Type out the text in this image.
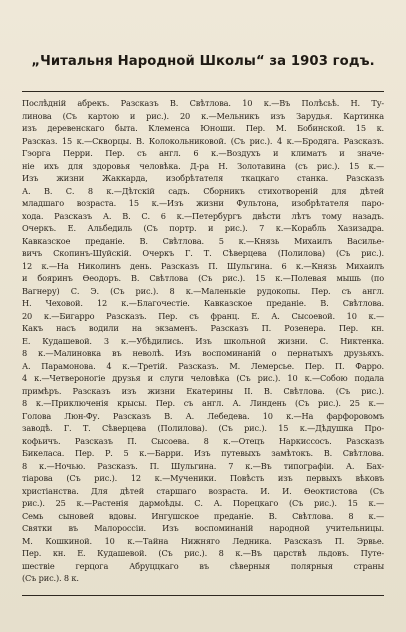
„Читальня Народной Школы“ за 1903 годъ.
Послѣдній абрекъ. Разсказъ В. Свѣтлова. 10 к.—Въ Полѣсьѣ. Н. Ту-
линова (Съ картою и рис.). 20 к.—Мельникъ изъ Зарудья. Картинка
изъ деревенскаго быта. Клеменса Юноши. Пер. М. Бобинской. 15 к.
Разсказ. 15 к.—Скворцы. В. Колокольниковой. (Съ рис.). 4 к.—Бродяга. Разсказъ.
Гэорга Перри. Пер. съ англ. 6 к.—Воздухъ и климатъ и значе-
ніе ихъ для здоровья человѣка. Д-ра Н. Золотавина (съ рис.). 15 к.—
Изъ жизни Жаккарда, изобрѣтателя ткацкаго станка. Разсказъ
А. В. С. 8 к.—Дѣтскій садъ. Сборникъ стихотвореній для дѣтей
младшаго возраста. 15 к.—Изъ жизни Фультона, изобрѣтателя паро-
хода. Разсказъ А. В. С. 6 к.—Петербургъ двѣсти лѣтъ тому назадъ.
Очеркъ. Е. Альбедиль (Съ портр. и рис.). 7 к.—Корабль Хазизадра.
Кавказское преданіе. В. Свѣтлова. 5 к.—Князь Михаилъ Василье-
вичъ Скопинъ-Шуйскій. Очеркъ Г. Т. Сѣверцева (Полилова) (Съ рис.).
12 к.—На Николинъ день. Разсказъ П. Шульгина. 6 к.—Князь Михаилъ
и бояринъ Ѳеодоръ. В. Свѣтлова (Съ рис.). 15 к.—Полевая мышь (по
Вагнеру) С. Э. (Съ рис.). 8 к.—Маленькіе рудокопы. Пер. съ англ.
Н. Чеховой. 12 к.—Благочестіе. Кавказское преданіе. В. Свѣтлова.
20 к.—Бигарро Разсказъ. Пер. съ франц. Е. А. Сысоевой. 10 к.—
Какъ насъ водили на экзаменъ. Разсказъ П. Розенера. Пер. кн.
Е. Кудашевой. 3 к.—Убѣдились. Изъ школьной жизни. С. Никтенка.
8 к.—Малиновка въ неволѣ. Изъ воспоминаній о пернатыхъ друзьяхъ.
А. Парамонова. 4 к.—Третій. Разсказъ. М. Лемерсье. Пер. П. Фарро.
4 к.—Четвероногіе друзья и слуги человѣка (Съ рис.). 10 к.—Собою подала
примѣръ. Разсказъ изъ жизни Екатерины II. В. Свѣтлова. (Съ рис.).
8 к.—Приключенія крысы. Пер. съ англ. А. Линдень (Съ рис.). 25 к.—
Голова Люн-Фу. Разсказъ В. А. Лебедева. 10 к.—На фарфоровомъ
заводѣ. Г. Т. Сѣверцева (Полилова). (Съ рис.). 15 к.—Дѣдушка Про-
кофьичъ. Разсказъ П. Сысоева. 8 к.—Отецъ Наркиссосъ. Разсказъ
Бикеласа. Пер. Р. 5 к.—Барри. Изъ путевыхъ замѣтокъ. В. Свѣтлова.
8 к.—Ночью. Разсказъ. П. Шульгина. 7 к.—Въ типографіи. А. Бах-
тіарова (Съ рис.). 12 к.—Мученики. Повѣсть изъ первыхъ вѣковъ
христіанства. Для дѣтей старшаго возраста. И. И. Ѳеоктистова (Съ
рис.). 25 к.—Растенія дармоѣды. С. А. Порецкаго (Съ рис.). 15 к.—
Семь сыновей вдовы. Ингушское преданіе. В. Свѣтлова. 8 к.—
Святки въ Малороссіи. Изъ воспоминаній народной учительницы.
М. Кошкиной. 10 к.—Тайна Нижняго Ледника. Разсказъ П. Эрвье.
Пер. кн. Е. Кудашевой. (Съ рис.). 8 к.—Въ царствѣ льдовъ. Путе-
шествіе герцога Абруццкаго въ сѣверныя полярныя страны
(Съ рис.). 8 к.
